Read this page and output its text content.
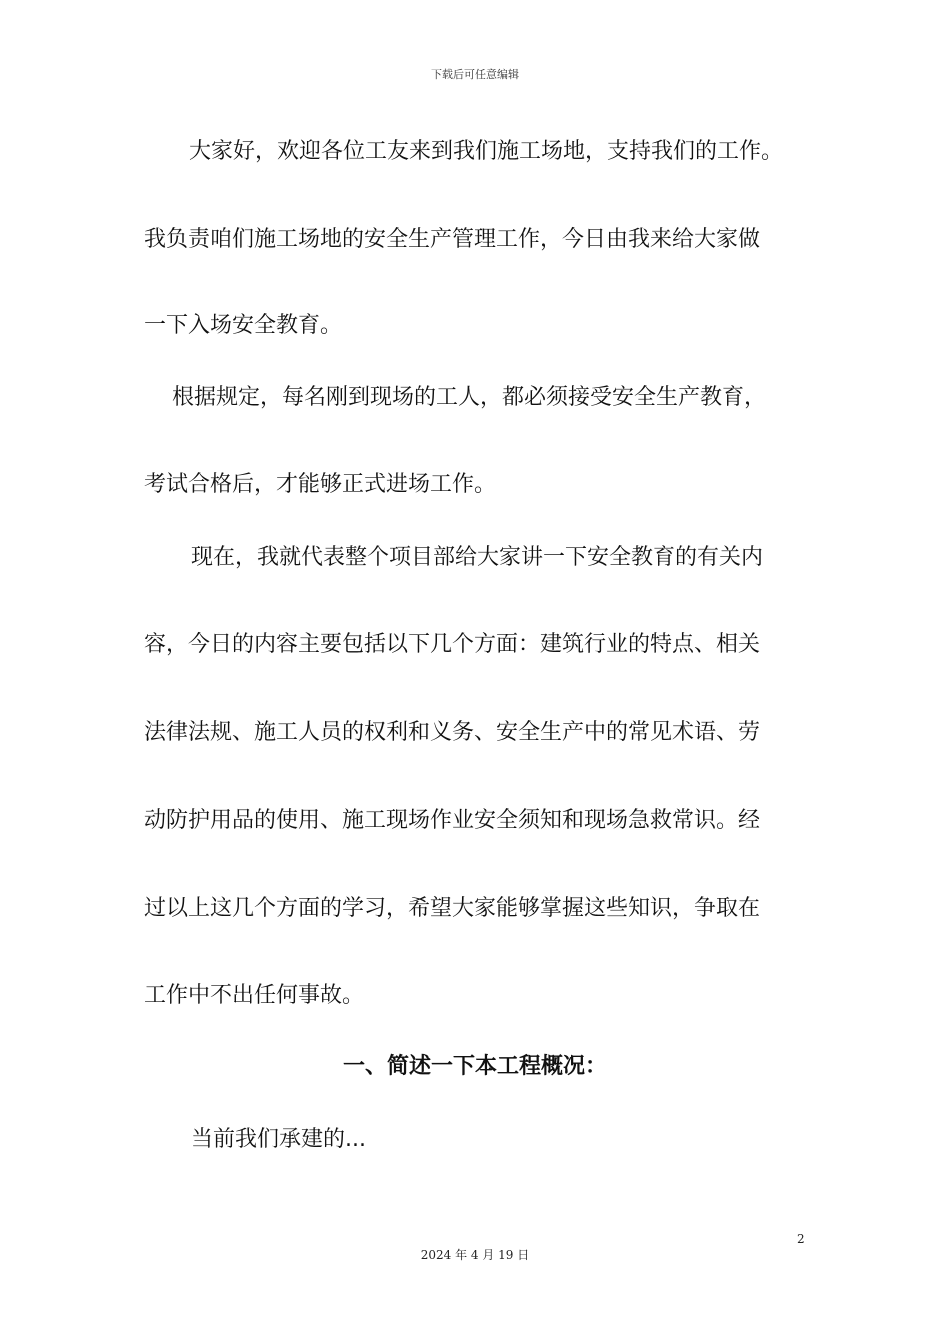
下载后可任意编辑
大家好，欢迎各位工友来到我们施工场地，支持我们的工作。
我负责咱们施工场地的安全生产管理工作，今日由我来给大家做
一下入场安全教育。
根据规定，每名刚到现场的工人，都必须接受安全生产教育，
考试合格后，才能够正式进场工作。
现在，我就代表整个项目部给大家讲一下安全教育的有关内
容，今日的内容主要包括以下几个方面：建筑行业的特点、相关
法律法规、施工人员的权利和义务、安全生产中的常见术语、劳
动防护用品的使用、施工现场作业安全须知和现场急救常识。经
过以上这几个方面的学习，希望大家能够掌握这些知识，争取在
工作中不出任何事故。
一、简述一下本工程概况：
当前我们承建的...
2
2024 年 4 月 19 日
